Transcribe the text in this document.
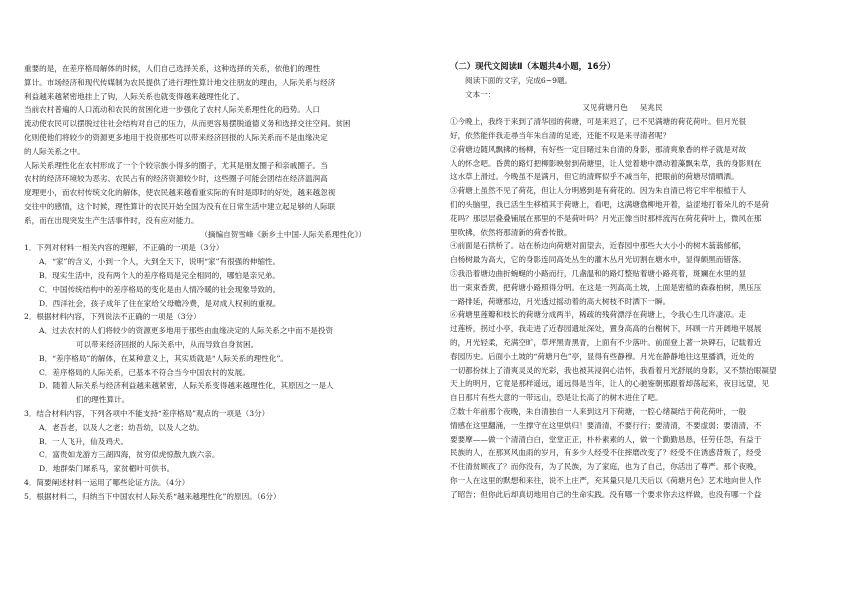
重要的是，在差序格局解体的时候，人们自己选择关系，这种选择的关系，依他们的理性
算计。市场经济和现代传媒制为农民提供了进行理性算计地交往朋友的理由，人际关系与经济
利益越来越紧密地挂上了钩，人际关系也就变得越来越理性化了。
当前农村普遍的人口流动和农民的贫困化进一步强化了农村人际关系理性化的趋势。人口
流动使农民可以摆脱过往社会结构对自己的压力，从而更容易摆脱道德义务和选择交往空间。贫困
化则使他们将较少的资源更多地用于投资那些可以带来经济回报的人际关系而不是血缘决定
的人际关系之中。
人际关系理性化在农村形成了一个个较宗族小得多的圈子，尤其是朋友圈子和亲戚圈子。当
农村的经济环境较为恶劣、农民占有的经济资源较少时，这些圈子可能会团结在经济温润高
度理更小，而农村传统文化的解体，使农民越来越看重实际的有时是即时的好处，越来越忽视
交往中的感情，这个时候，理性算计的农民开始全国为没有在日常生活中建立起足够的人际联
系，而在出现突发生产生活事件时，没有应对能力。
（摘编自贺雪峰《新乡土中国·人际关系理性化》）
1．下列对材料一相关内容的理解，不正确的一项是（3分）
A．“家”的含义，小到一个人，大到全天下，说明“家”有很强的伸缩性。
B．现实生活中，没有两个人的差序格局是完全相同的，哪怕是亲兄弟。
C．中国传统结构中的差序格局的变化是由人情冷暖的社会现象导致的。
D．西洋社会，孩子成年了住在家给父母赡冷费，是对成人权利的重视。
2．根据材料内容，下列说法不正确的一项是（3分）
A．过去农村的人们将较少的资源更多地用于那些由血缘决定的人际关系之中而不是投资
可以带来经济回报的人际关系中，从而导致自身贫困。
B．“差序格局”的解体，在某种意义上，其实质就是“人际关系的理性化”。
C．差序格局的人际关系，已基本不符合当今中国农村的发展。
D．随着人际关系与经济利益越来越紧密，人际关系变得越来越理性化，其原因之一是人
们的理性算计。
3．结合材料内容，下列各项中不能支持“差序格局”观点的一项是（3分）
A．老吾老，以及人之老；幼吾幼，以及人之幼。
B．一人飞升，仙及鸡犬。
C．富贵如龙游方三湖四海，贫穷似虎惊散九族六亲。
D．地群柴门犀系马，家贫楣叶可供书。
4．简要阐述材料一运用了哪些论证方法。（4分）
5．根据材料二，归纳当下中国农村人际关系“越来越理性化”的原因。（6分）
（二）现代文阅读Ⅱ（本题共4小题，16分）
阅读下面的文字，完成6~9题。
文本一：
又见荷塘月色 吴兆民
①今晚上，我终于来到了清华园的荷塘，可是来迟了，已不见满塘的荷花荷叶。但月光很
好，依然能伴我走尋当年朱自清的足迹，还能不叹是来寻清者呢？
②荷塘边随风飘拂的杨柳，有好些一定目睹过朱自清的身影，那清爽象香的样子就是对故
人的怀念吧。昏黄的路灯把柳影映射到荷塘里，让人觉着塘中漂动着藻飘朱草，我的身影则在
这水草上滑过。今晚虽不是满月，但它的清辉似乎不减当年，把眼前的荷塘尽情晒洒。
③荷塘上虽然不见了荷花，但让人分明感到是有荷花的。因为朱自清已将它牢牢根植于人
们的头脑里，我已活生生移植其于荷塘上，看吧，这满塘翕柳地开着，益涩地打着朵儿的不是荷
花吗？那层层叠叠铺展在那里的不是荷叶吗？月光正像当时那样流泻在荷花荷叶上，微风在那
里吹拂，依然将那清新的荷香传散。
④前面是石拱桥了。站在桥边向荷塘对面望去，近春园中那些大大小小的树木蓊蓊郁郁，
白杨树最为高大，它的身影连同高处丛生的灌木丛月光切割在塘水中，显得颇黑而错落。
⑤我沿着塘边曲折蜿蜒的小路而行，几盏温和的路灯整贴着塘小路亮着，斑斓在水里的显
出一束束香黄，把荷塘小路照得分明。在这是一列高高土坡，上面是密植的森森柏树，黑压压
一路排延，荷塘那边，月光透过摇动着的高大树枝不时洒下一瞬。
⑥荷塘里莲瓣和枝长的荷塘分成两半，稀疏的残荷漂浮在荷塘上，令我心生几许凄凉。走
过莲桥，拐过小亭，我走进了近春园遗址深处，置身高高的台榭树下，环顾一片开阔地平展展
的，月光轻柔，充满空旷，草坪黑青黑青，上面有不少落叶。前面登上著一块碑石，记载着近
春园历史。后面小土坡的“荷塘月色”亭，显得有些静穆。月光在静静地往这里播洒，近处的
一切都扮抹上了清爽灵灵的光彩，我也被其浸润心洁怀，我看着月光舒展的身影，又不禁抬眼凝望
天上的明月，它竟是那样遥远，遥远得是当年，让人的心驰鉴朝那跟着却荡起来，夜目远望，见
自日那片有些大意的一带远山，恐是让长高了的树木进住了吧。
⑦数十年前那个夜晚，朱自清独自一人来到这月下荷塘，一腔心绪凝结于荷花荷叶，一般
情感在这里翻涌，一生撑守在这里烘归！要清清，不要行行；要清清，不要虚弱；要清清，不
要要摩——做一个清清白白，堂堂正正，朴朴素素的人，做一个勤勤恳恳，任劳任怨，有益于
民族的人，在那冥风血雨的岁月，有多少人经受不住摔磨改变了？经受不住诱惑背叛了，经受
不住清贫顾夜了？而你没有，为了民族，为了家庭，也为了自己，你活出了尊严。那个夜晚，
你一人在这里的默想和来往，说不上庄严，充其量只是几天后以《荷塘月色》艺术地向世人作
了昭告；但你此后却真切地用自己的生命实践。没有哪一个要求你去这样做，也没有哪一个益
